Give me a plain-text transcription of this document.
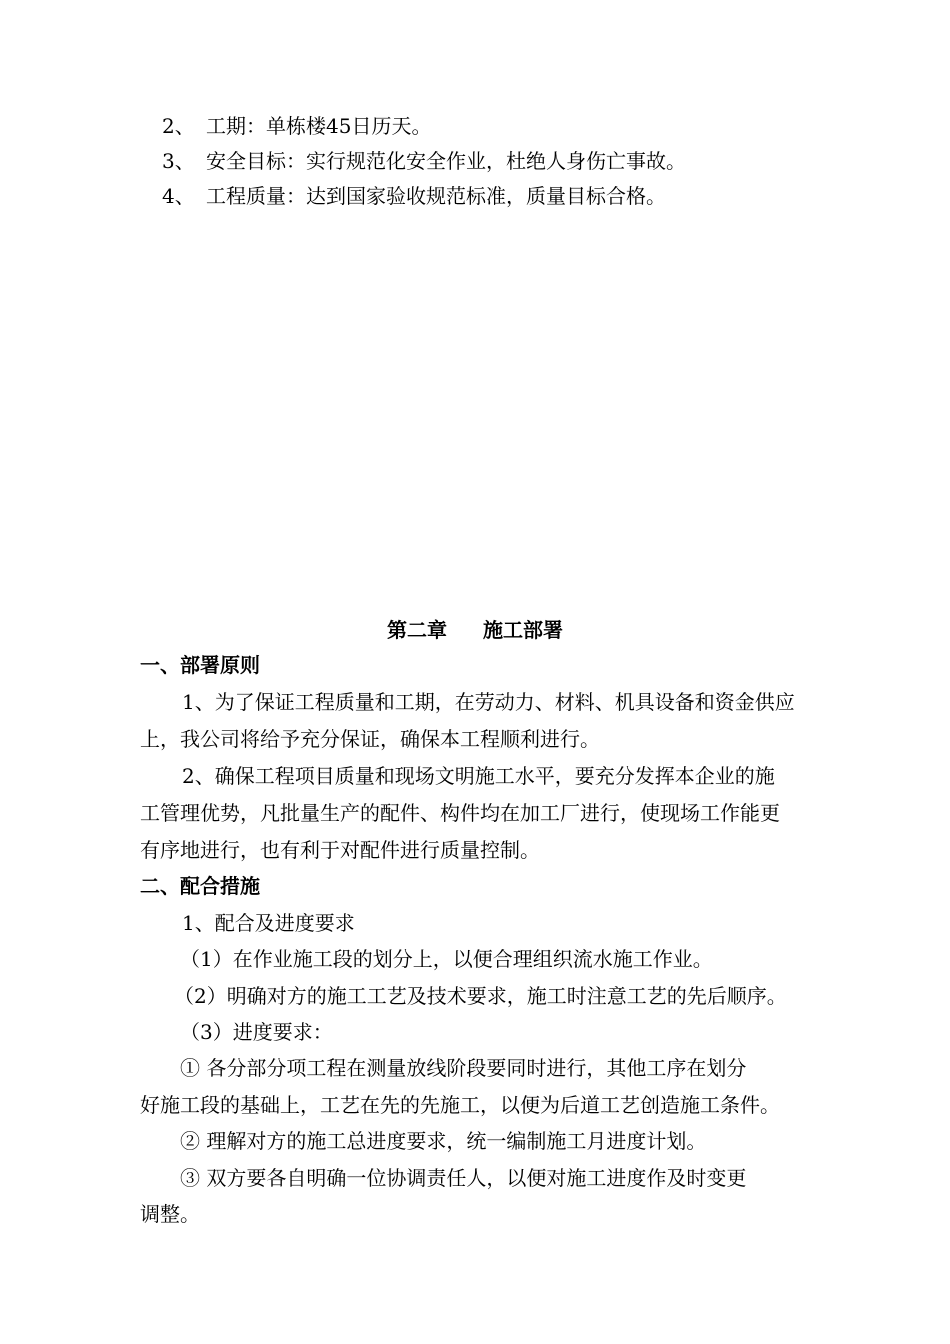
2、 工期：单栋楼45日历天。
3、 安全目标：实行规范化安全作业，杜绝人身伤亡事故。
4、 工程质量：达到国家验收规范标准，质量目标合格。
第二章 施工部署
一、部署原则
1、为了保证工程质量和工期，在劳动力、材料、机具设备和资金供应
上，我公司将给予充分保证，确保本工程顺利进行。
2、确保工程项目质量和现场文明施工水平，要充分发挥本企业的施
工管理优势，凡批量生产的配件、构件均在加工厂进行，使现场工作能更
有序地进行，也有利于对配件进行质量控制。
二、配合措施
1、配合及进度要求
（1）在作业施工段的划分上，以便合理组织流水施工作业。
（2）明确对方的施工工艺及技术要求，施工时注意工艺的先后顺序。
（3）进度要求：
① 各分部分项工程在测量放线阶段要同时进行，其他工序在划分
好施工段的基础上，工艺在先的先施工，以便为后道工艺创造施工条件。
② 理解对方的施工总进度要求，统一编制施工月进度计划。
③ 双方要各自明确一位协调责任人，以便对施工进度作及时变更
调整。
